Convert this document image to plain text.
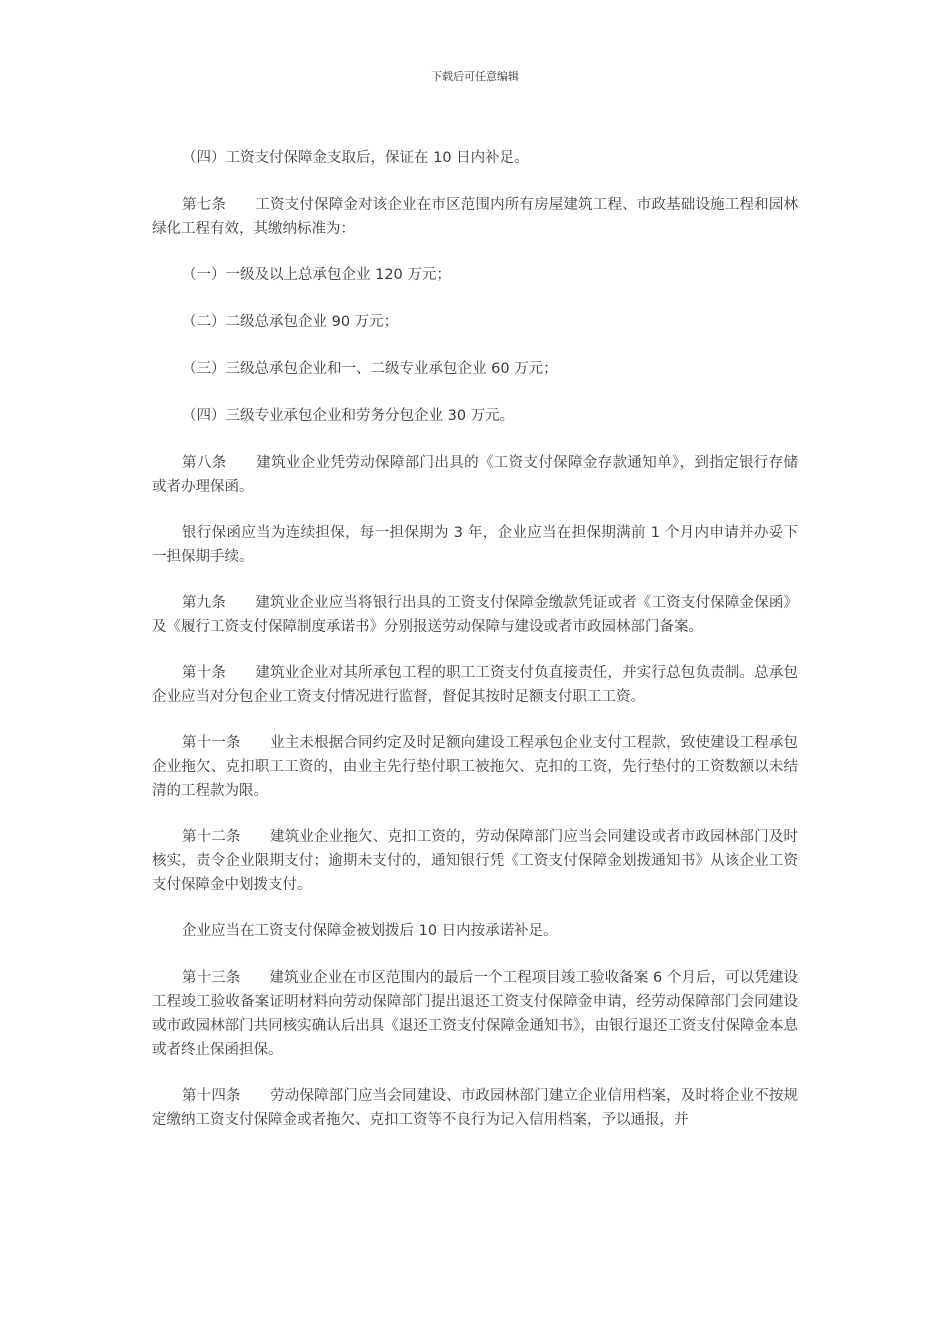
下载后可任意编辑

（四）工资支付保障金支取后，保证在 10 日内补足。

第七条　　工资支付保障金对该企业在市区范围内所有房屋建筑工程、市政基础设施工程和园林绿化工程有效，其缴纳标准为：

（一）一级及以上总承包企业 120 万元；

（二）二级总承包企业 90 万元；

（三）三级总承包企业和一、二级专业承包企业 60 万元；

（四）三级专业承包企业和劳务分包企业 30 万元。

第八条　　建筑业企业凭劳动保障部门出具的《工资支付保障金存款通知单》，到指定银行存储或者办理保函。

银行保函应当为连续担保，每一担保期为 3 年，企业应当在担保期满前 1 个月内申请并办妥下一担保期手续。

第九条　　建筑业企业应当将银行出具的工资支付保障金缴款凭证或者《工资支付保障金保函》及《履行工资支付保障制度承诺书》分别报送劳动保障与建设或者市政园林部门备案。

第十条　　建筑业企业对其所承包工程的职工工资支付负直接责任，并实行总包负责制。总承包企业应当对分包企业工资支付情况进行监督，督促其按时足额支付职工工资。

第十一条　　业主未根据合同约定及时足额向建设工程承包企业支付工程款，致使建设工程承包企业拖欠、克扣职工工资的，由业主先行垫付职工被拖欠、克扣的工资，先行垫付的工资数额以未结清的工程款为限。

第十二条　　建筑业企业拖欠、克扣工资的，劳动保障部门应当会同建设或者市政园林部门及时核实，责令企业限期支付；逾期未支付的，通知银行凭《工资支付保障金划拨通知书》从该企业工资支付保障金中划拨支付。

企业应当在工资支付保障金被划拨后 10 日内按承诺补足。

第十三条　　建筑业企业在市区范围内的最后一个工程项目竣工验收备案 6 个月后，可以凭建设工程竣工验收备案证明材料向劳动保障部门提出退还工资支付保障金申请，经劳动保障部门会同建设或市政园林部门共同核实确认后出具《退还工资支付保障金通知书》，由银行退还工资支付保障金本息或者终止保函担保。

第十四条　　劳动保障部门应当会同建设、市政园林部门建立企业信用档案，及时将企业不按规定缴纳工资支付保障金或者拖欠、克扣工资等不良行为记入信用档案，予以通报，并
